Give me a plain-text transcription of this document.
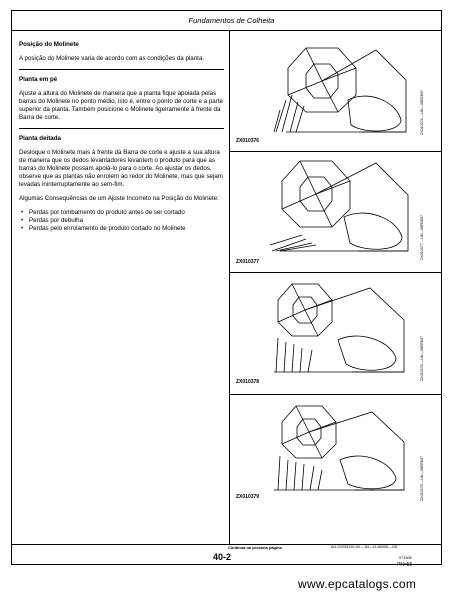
Fundamentos de Colheita
Posição do Molinete
A posição do Molinete varia de acordo com as condições da planta.
Planta em pé
Ajuste a altura do Molinete de maneira que a planta fique apoiada pelas barras do Molinete no ponto médio, isto é, entre o ponto de corte e a parte superior da planta. Também posicione o Molinete ligeiramente à frente da Barra de corte.
Planta deitada
Desloque o Molinete mais à frente da Barra de corte e ajuste a sua altura de maneira que os dedos levantadores levantem o produto para que as barras do Molinete possam apoiá-lo para o corte. Ao ajustar os dedos, observe que as plantas não enrolem ao redor do Molinete, mas que sejam levadas ininterruptamente ao sem-fim.
Algumas Consequências de um Ajuste Incorreto na Posição do Molinete:
• Perdas por tombamento do produto antes de ser cortado
• Perdas por debulha
• Perdas pelo enrolamento de produto cortado no Molinete
ZX010376
ZX010376 —UN—08FEB97
ZX010377
ZX010377 —UN—08FEB97
ZX010378
ZX010378 —UN—08FEB97
ZX010379	ZX010379 —UN—08FEB97
Continua na próxima página	AG,OGD5130,94 —54—11JAN05—2/6
40-2	071508
PN=55
www.epcatalogs.com
